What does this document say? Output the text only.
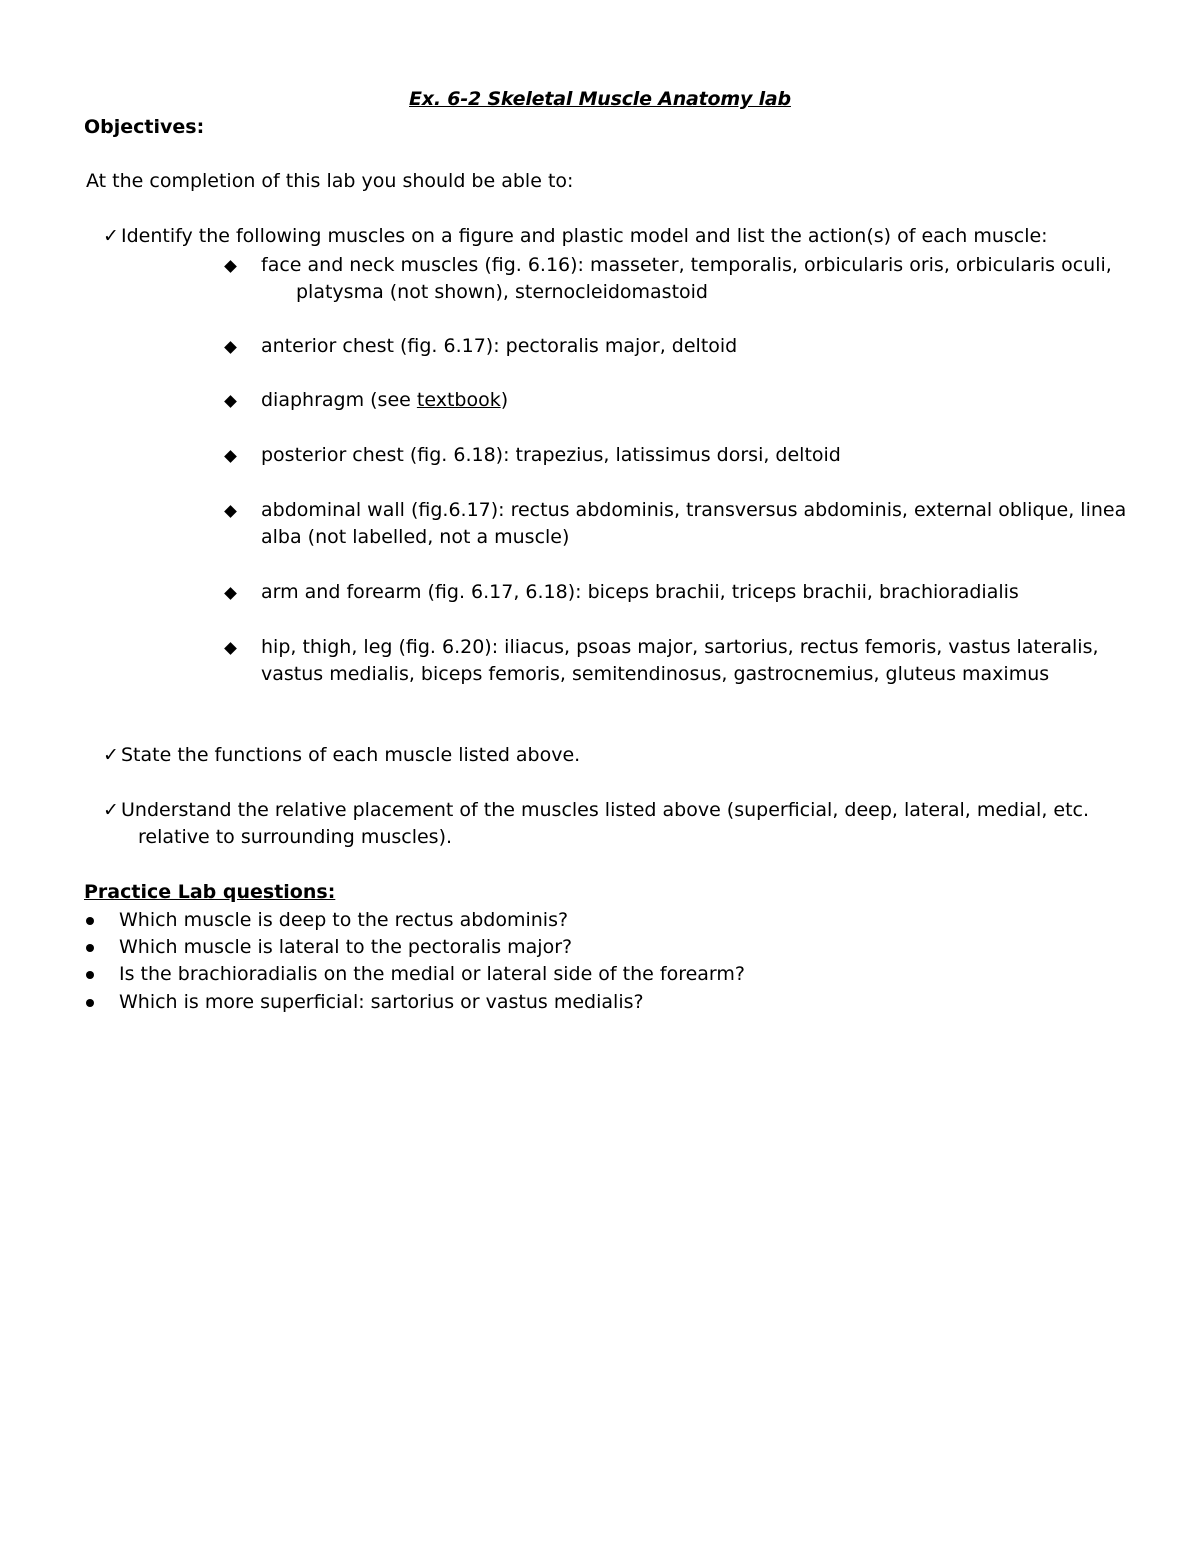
Ex. 6-2 Skeletal Muscle Anatomy lab
Objectives:
At the completion of this lab you should be able to:
✓ Identify the following muscles on a figure and plastic model and list the action(s) of each muscle:
face and neck muscles (fig. 6.16): masseter, temporalis, orbicularis oris, orbicularis oculi,
platysma (not shown), sternocleidomastoid
anterior chest (fig. 6.17): pectoralis major, deltoid
diaphragm (see textbook)
posterior chest (fig. 6.18): trapezius, latissimus dorsi, deltoid
abdominal wall (fig.6.17): rectus abdominis, transversus abdominis, external oblique, linea
alba (not labelled, not a muscle)
arm and forearm (fig. 6.17, 6.18): biceps brachii, triceps brachii, brachioradialis
hip, thigh, leg (fig. 6.20): iliacus, psoas major, sartorius, rectus femoris, vastus lateralis,
vastus medialis, biceps femoris, semitendinosus, gastrocnemius, gluteus maximus
✓ State the functions of each muscle listed above.
✓ Understand the relative placement of the muscles listed above (superficial, deep, lateral, medial, etc.
relative to surrounding muscles).
Practice Lab questions:
Which muscle is deep to the rectus abdominis?
Which muscle is lateral to the pectoralis major?
Is the brachioradialis on the medial or lateral side of the forearm?
Which is more superficial: sartorius or vastus medialis?
